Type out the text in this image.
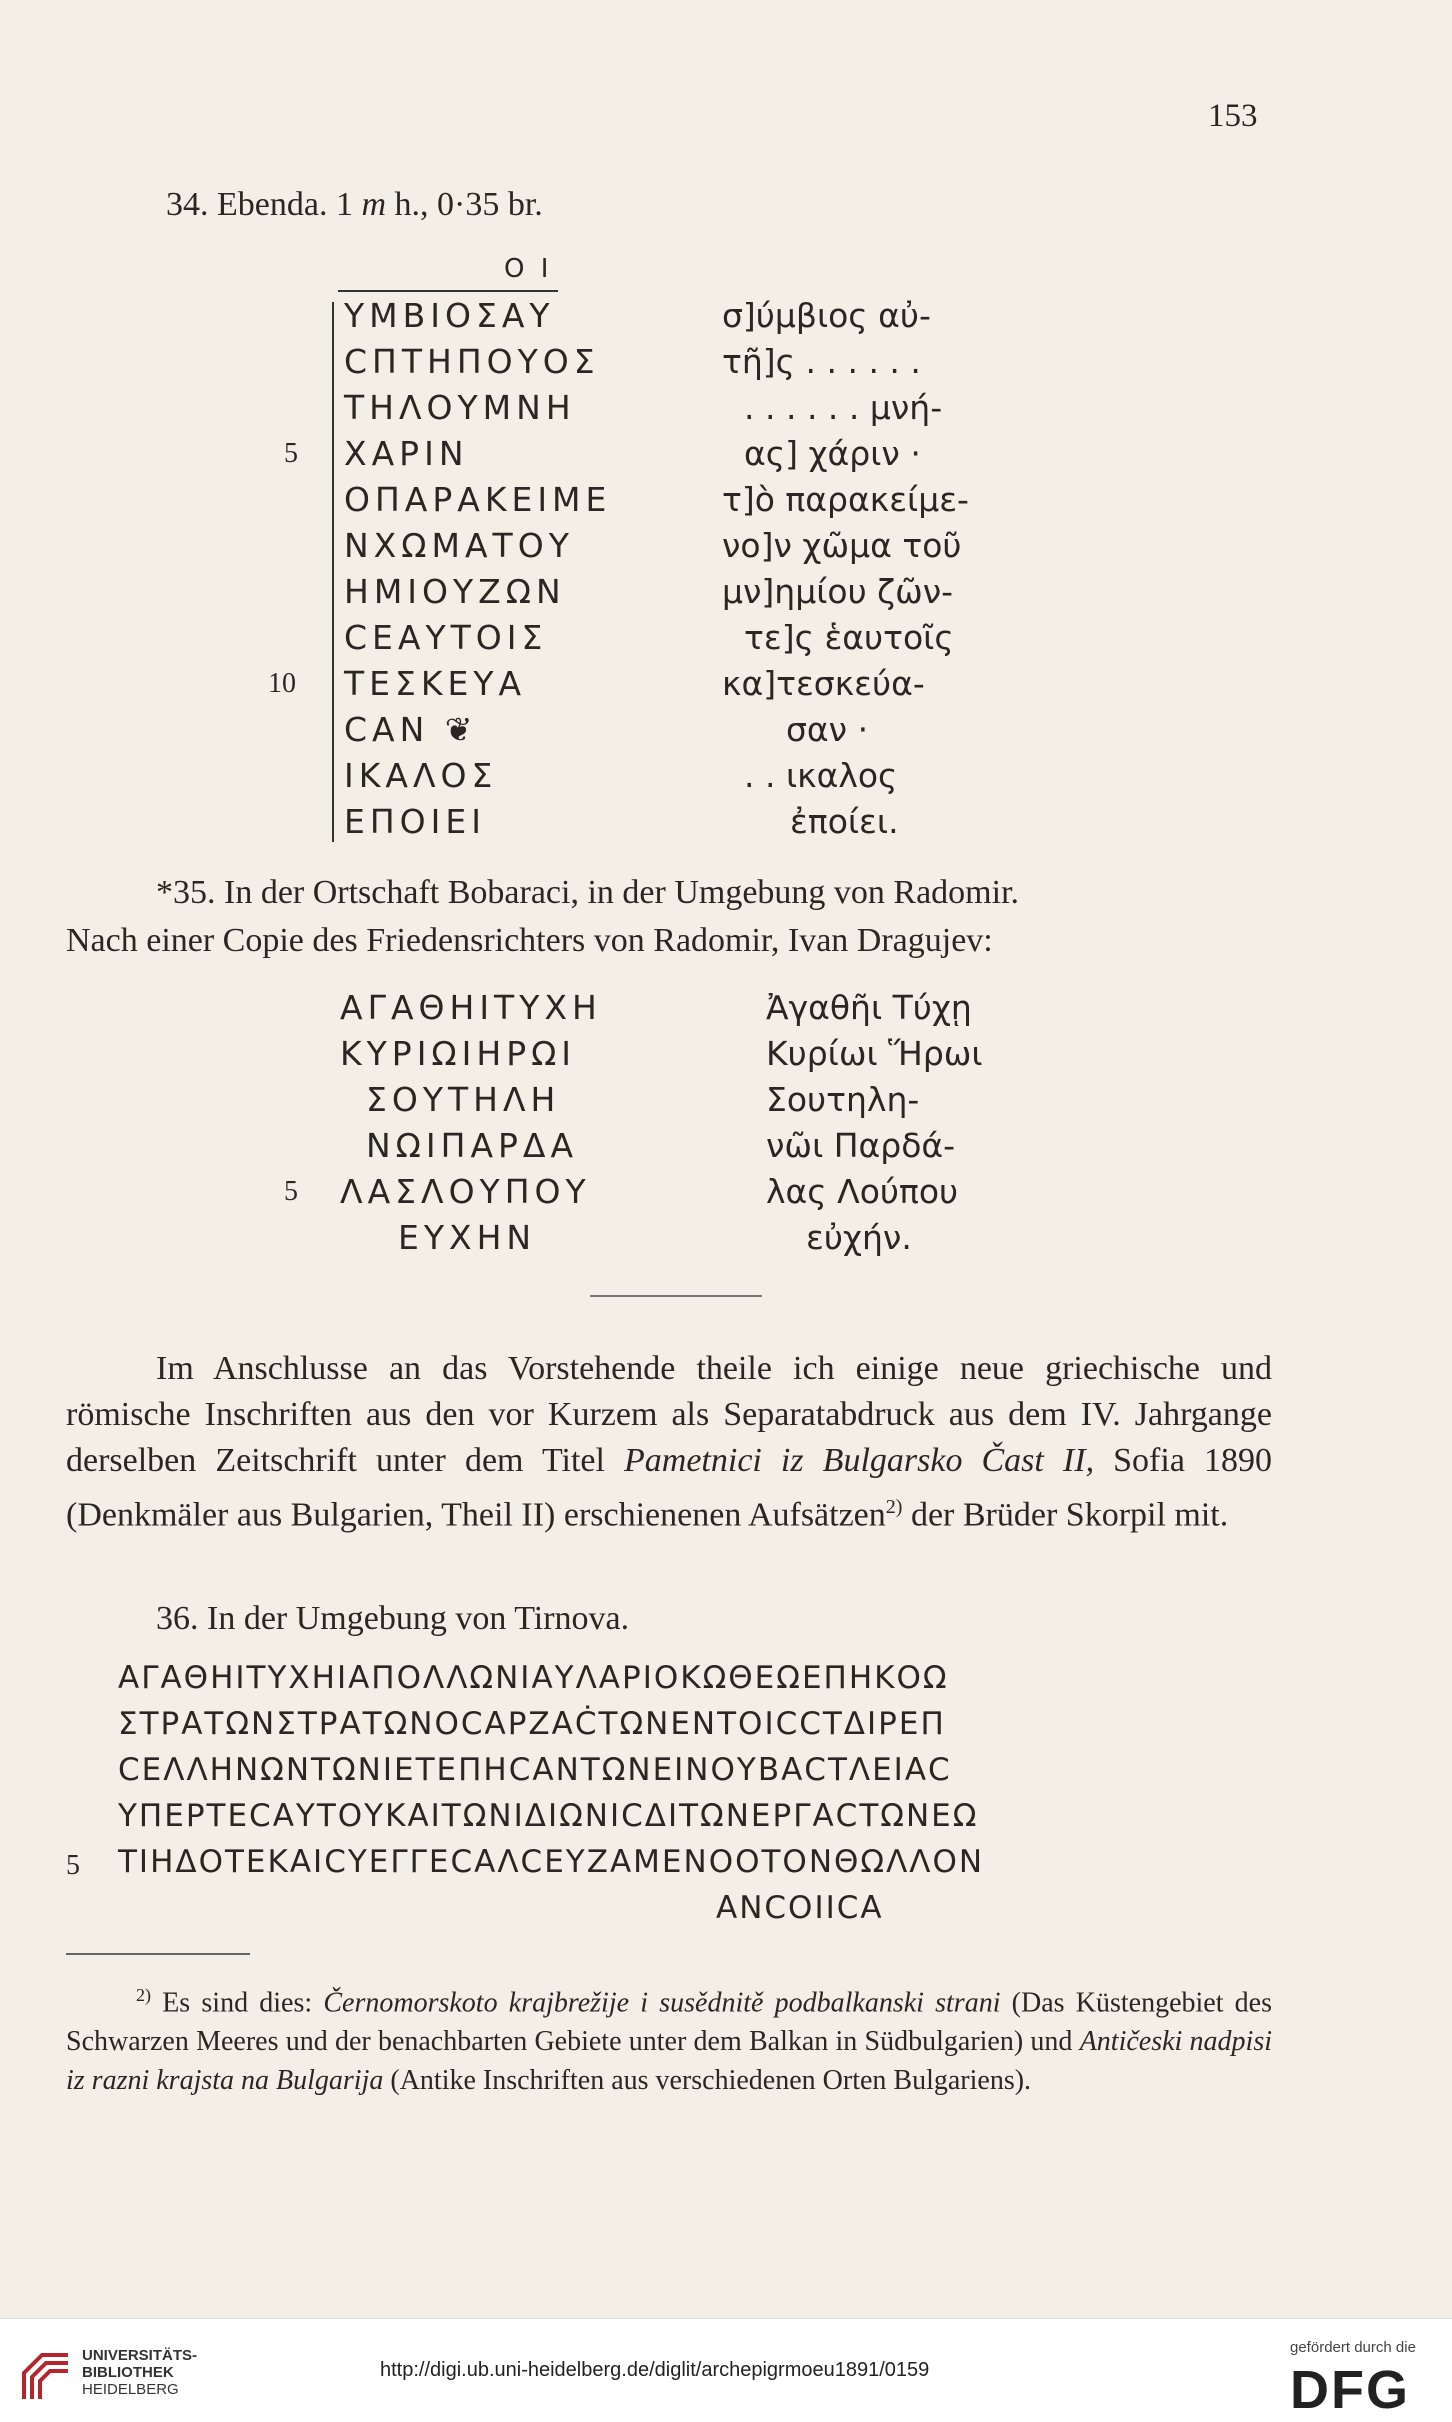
153
34. Ebenda. 1 m h., 0·35 br.
O I
ΥΜΒΙΟΣΑΥ
CΠΤΗΠΟΥΟΣ
ΤΗΛΟΥΜΝΗ
ΧΑΡΙΝ
ΟΠΑΡΑΚΕΙΜΕ
ΝΧΩΜΑΤΟΥ
ΗΜΙΟΥΖΩΝ
CΕΑΥΤΟΙΣ
ΤΕΣΚΕΥΑ
CΑΝ ❦
ΙΚΑΛΟΣ
ΕΠΟΙΕΙ
5
10
σ]ύμβιος αὐ-
τῆ]ς . . . . . .
. . . . . . μνή-
ας] χάριν ·
τ]ὸ παρακείμε-
νο]ν χῶμα τοῦ
μν]ημίου ζῶν-
τε]ς ἑαυτοῖς
κα]τεσκεύα-
σαν ·
. . ικαλος
ἐποίει.
*35. In der Ortschaft Bobaraci, in der Umgebung von Radomir.
Nach einer Copie des Friedensrichters von Radomir, Ivan Dragujev:
ΑΓΑΘΗΙΤΥΧΗ
ΚΥΡΙΩΙΗΡΩΙ
ΣΟΥΤΗΛΗ
ΝΩΙΠΑΡΔΑ
ΛΑΣΛΟΥΠΟΥ
ΕΥΧΗΝ
5
Ἀγαθῆι Τύχῃ
Κυρίωι Ἥρωι
Σουτηλη-
νῶι Παρδά-
λας Λούπου
εὐχήν.
Im Anschlusse an das Vorstehende theile ich einige neue griechische und römische Inschriften aus den vor Kurzem als Separatabdruck aus dem IV. Jahrgange derselben Zeitschrift unter dem Titel Pametnici iz Bulgarsko Čast II, Sofia 1890 (Denkmäler aus Bulgarien, Theil II) erschienenen Aufsätzen$^{2)}$ der Brüder Skorpil mit.
36. In der Umgebung von Tirnova.
ΑΓΑΘΗΙΤΥΧΗΙΑΠΟΛΛΩΝΙΑΥΛΑΡΙΟΚΩΘΕΩΕΠΗΚΟΩ
ΣΤΡΑΤΩΝΣΤΡΑΤΩΝΟCΑΡΖΑĊΤΩΝΕΝΤΟΙCCΤΔΙΡΕΠ
CΕΛΛΗΝΩΝΤΩΝΙΕΤΕΠΗCΑΝΤΩΝΕΙΝΟΥΒΑCΤΛΕΙΑC
ΥΠΕΡΤΕCΑΥΤΟΥΚΑΙΤΩΝΙΔΙΩΝΙCΔΙΤΩΝΕΡΓΑCΤΩΝΕΩ
ΤΙΗΔΟΤΕΚΑΙCΥΕΓΓΕCΑΛCΕΥΖΑΜΕΝΟΟΤΟΝΘΩΛΛΟΝ
ΑΝCΟΙΙCΑ
5
$^{2)}$ Es sind dies: Černomorskoto krajbrežije i susědnitě podbalkanski strani (Das Küstengebiet des Schwarzen Meeres und der benachbarten Gebiete unter dem Balkan in Südbulgarien) und Antičeski nadpisi iz razni krajsta na Bulgarija (Antike Inschriften aus verschiedenen Orten Bulgariens).
UNIVERSITÄTS-
BIBLIOTHEK
HEIDELBERG
http://digi.ub.uni-heidelberg.de/diglit/archepigrmoeu1891/0159
gefördert durch die
DFG
